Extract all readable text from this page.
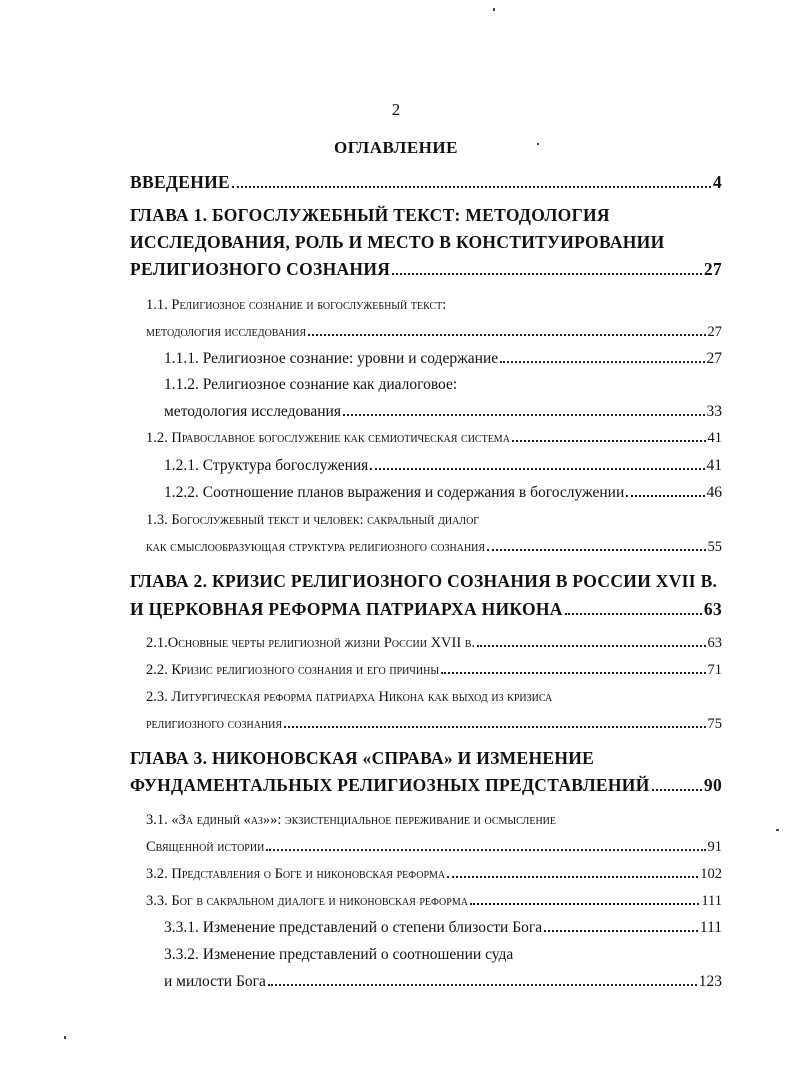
2
ОГЛАВЛЕНИЕ
ВВЕДЕНИЕ	4
ГЛАВА 1. БОГОСЛУЖЕБНЫЙ ТЕКСТ: МЕТОДОЛОГИЯ
ИССЛЕДОВАНИЯ, РОЛЬ И МЕСТО В КОНСТИТУИРОВАНИИ
РЕЛИГИОЗНОГО СОЗНАНИЯ	27
1.1. Религиозное сознание и богослужебный текст:
методология исследования	27
1.1.1. Религиозное сознание: уровни и содержание	27
1.1.2. Религиозное сознание как диалоговое:
методология исследования	33
1.2. Православное богослужение как семиотическая система	41
1.2.1. Структура богослужения	41
1.2.2. Соотношение планов выражения и содержания в богослужении	46
1.3. Богослужебный текст и человек: сакральный диалог
как смыслообразующая структура религиозного сознания	55
ГЛАВА 2. КРИЗИС РЕЛИГИОЗНОГО СОЗНАНИЯ В РОССИИ XVII В.
И ЦЕРКОВНАЯ РЕФОРМА ПАТРИАРХА НИКОНА	63
2.1.Основные черты религиозной жизни России XVII в.	63
2.2. Кризис религиозного сознания и его причины	71
2.3. Литургическая реформа патриарха Никона как выход из кризиса
религиозного сознания	75
ГЛАВА 3. НИКОНОВСКАЯ «СПРАВА» И ИЗМЕНЕНИЕ
ФУНДАМЕНТАЛЬНЫХ РЕЛИГИОЗНЫХ ПРЕДСТАВЛЕНИЙ	90
3.1. «За единый «аз»»: экзистенциальное переживание и осмысление
Священной истории	91
3.2. Представления о Боге и никоновская реформа	102
3.3. Бог в сакральном диалоге и никоновская реформа	111
3.3.1. Изменение представлений о степени близости Бога	111
3.3.2. Изменение представлений о соотношении суда
и милости Бога	123
